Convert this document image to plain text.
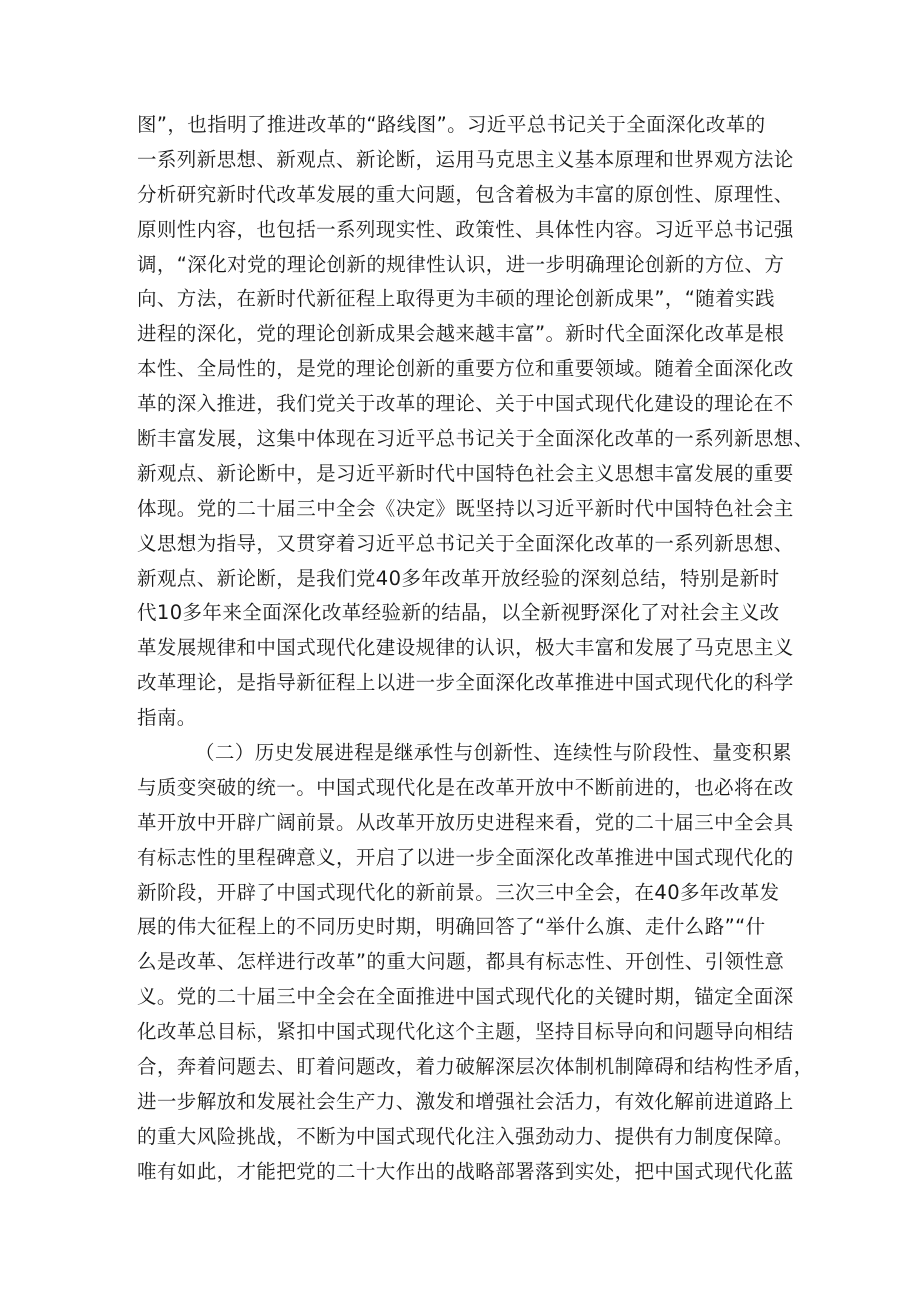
图”，也指明了推进改革的“路线图”。习近平总书记关于全面深化改革的
一系列新思想、新观点、新论断，运用马克思主义基本原理和世界观方法论
分析研究新时代改革发展的重大问题，包含着极为丰富的原创性、原理性、
原则性内容，也包括一系列现实性、政策性、具体性内容。习近平总书记强
调，“深化对党的理论创新的规律性认识，进一步明确理论创新的方位、方
向、方法，在新时代新征程上取得更为丰硕的理论创新成果”，“随着实践
进程的深化，党的理论创新成果会越来越丰富”。新时代全面深化改革是根
本性、全局性的，是党的理论创新的重要方位和重要领域。随着全面深化改
革的深入推进，我们党关于改革的理论、关于中国式现代化建设的理论在不
断丰富发展，这集中体现在习近平总书记关于全面深化改革的一系列新思想、
新观点、新论断中，是习近平新时代中国特色社会主义思想丰富发展的重要
体现。党的二十届三中全会《决定》既坚持以习近平新时代中国特色社会主
义思想为指导，又贯穿着习近平总书记关于全面深化改革的一系列新思想、
新观点、新论断，是我们党40多年改革开放经验的深刻总结，特别是新时
代10多年来全面深化改革经验新的结晶，以全新视野深化了对社会主义改
革发展规律和中国式现代化建设规律的认识，极大丰富和发展了马克思主义
改革理论，是指导新征程上以进一步全面深化改革推进中国式现代化的科学
指南。
（二）历史发展进程是继承性与创新性、连续性与阶段性、量变积累
与质变突破的统一。中国式现代化是在改革开放中不断前进的，也必将在改
革开放中开辟广阔前景。从改革开放历史进程来看，党的二十届三中全会具
有标志性的里程碑意义，开启了以进一步全面深化改革推进中国式现代化的
新阶段，开辟了中国式现代化的新前景。三次三中全会，在40多年改革发
展的伟大征程上的不同历史时期，明确回答了“举什么旗、走什么路”“什
么是改革、怎样进行改革”的重大问题，都具有标志性、开创性、引领性意
义。党的二十届三中全会在全面推进中国式现代化的关键时期，锚定全面深
化改革总目标，紧扣中国式现代化这个主题，坚持目标导向和问题导向相结
合，奔着问题去、盯着问题改，着力破解深层次体制机制障碍和结构性矛盾，
进一步解放和发展社会生产力、激发和增强社会活力，有效化解前进道路上
的重大风险挑战，不断为中国式现代化注入强劲动力、提供有力制度保障。
唯有如此，才能把党的二十大作出的战略部署落到实处，把中国式现代化蓝
